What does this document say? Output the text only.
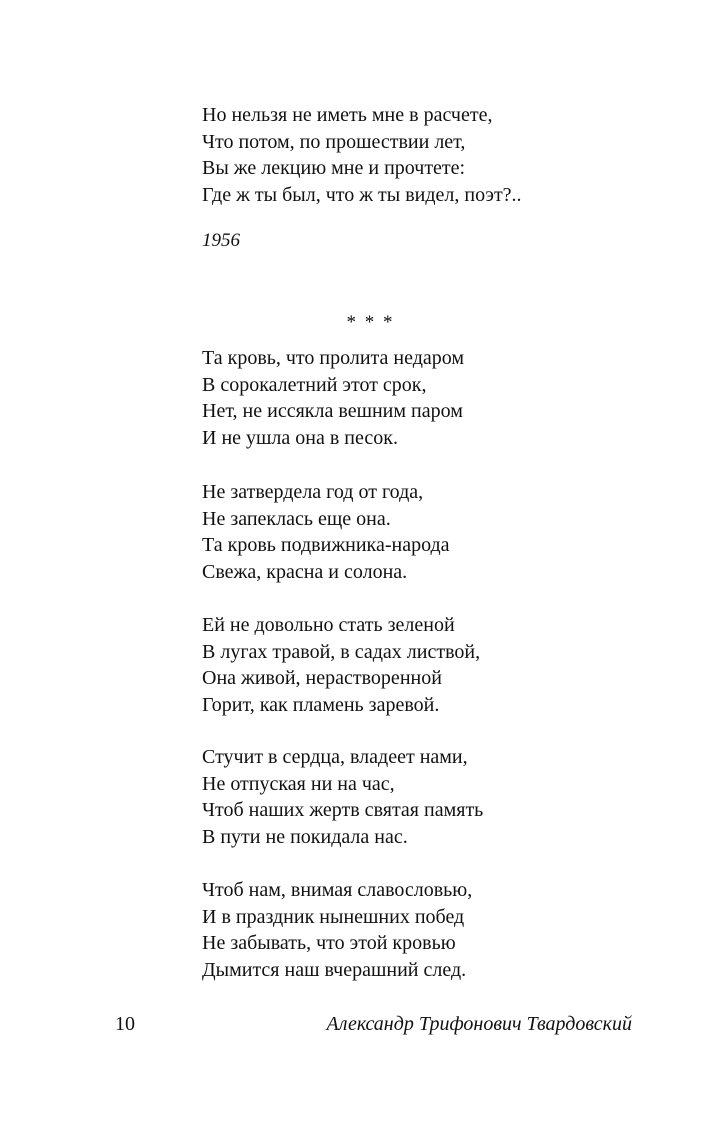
Но нельзя не иметь мне в расчете,
Что потом, по прошествии лет,
Вы же лекцию мне и прочтете:
Где ж ты был, что ж ты видел, поэт?..
1956
* * *
Та кровь, что пролита недаром
В сорокалетний этот срок,
Нет, не иссякла вешним паром
И не ушла она в песок.
Не затвердела год от года,
Не запеклась еще она.
Та кровь подвижника-народа
Свежа, красна и солона.
Ей не довольно стать зеленой
В лугах травой, в садах листвой,
Она живой, нерастворенной
Горит, как пламень заревой.
Стучит в сердца, владеет нами,
Не отпуская ни на час,
Чтоб наших жертв святая память
В пути не покидала нас.
Чтоб нам, внимая славословью,
И в праздник нынешних побед
Не забывать, что этой кровью
Дымится наш вчерашний след.
10	Александр Трифонович Твардовский
